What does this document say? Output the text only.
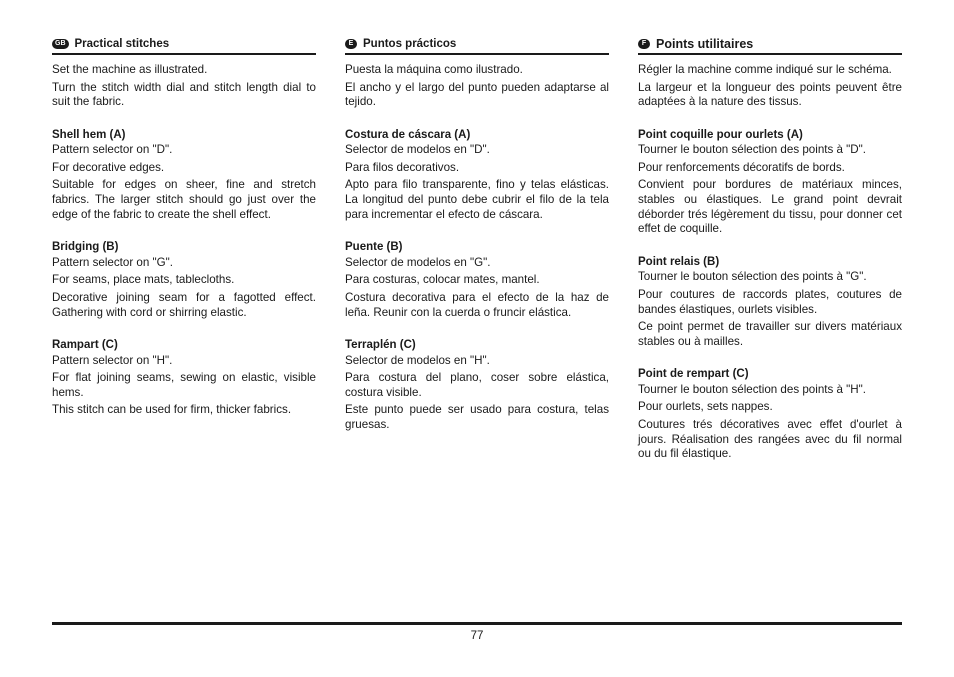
GB Practical stitches

Set the machine as illustrated.

Turn the stitch width dial and stitch length dial to suit the fabric.

Shell hem (A)

Pattern selector on "D".

For decorative edges.

Suitable for edges on sheer, fine and stretch fabrics. The larger stitch should go just over the edge of the fabric to create the shell effect.

Bridging (B)

Pattern selector on "G".

For seams, place mats, tablecloths.

Decorative joining seam for a fagotted effect. Gathering with cord or shirring elastic.

Rampart (C)

Pattern selector on "H".

For flat joining seams, sewing on elastic, visible hems.

This stitch can be used for firm, thicker fabrics.

E Puntos prácticos

Puesta la máquina como ilustrado.

El ancho y el largo del punto pueden adaptarse al tejido.

Costura de cáscara (A)

Selector de modelos en "D".

Para filos decorativos.

Apto para filo transparente, fino y telas elásticas. La longitud del punto debe cubrir el filo de la tela para incrementar el efecto de cáscara.

Puente (B)

Selector de modelos en "G".

Para costuras, colocar mates, mantel.

Costura decorativa para el efecto de la haz de leña. Reunir con la cuerda o fruncir elástica.

Terraplén (C)

Selector de modelos en "H".

Para costura del plano, coser sobre elástica, costura visible.

Este punto puede ser usado para costura, telas gruesas.

F Points utilitaires

Régler la machine comme indiqué sur le schéma.

La largeur et la longueur des points peuvent être adaptées à la nature des tissus.

Point coquille pour ourlets (A)

Tourner le bouton sélection des points à "D".

Pour renforcements décoratifs de bords.

Convient pour bordures de matériaux minces, stables ou élastiques. Le grand point devrait déborder trés légèrement du tissu, pour donner cet effet de coquille.

Point relais (B)

Tourner le bouton sélection des points à "G".

Pour coutures de raccords plates, coutures de bandes élastiques, ourlets visibles.

Ce point permet de travailler sur divers matériaux stables ou à mailles.

Point de rempart (C)

Tourner le bouton sélection des points à "H".

Pour ourlets, sets nappes.

Coutures trés décoratives avec effet d'ourlet à jours. Réalisation des rangées avec du fil normal ou du fil élastique.

77
